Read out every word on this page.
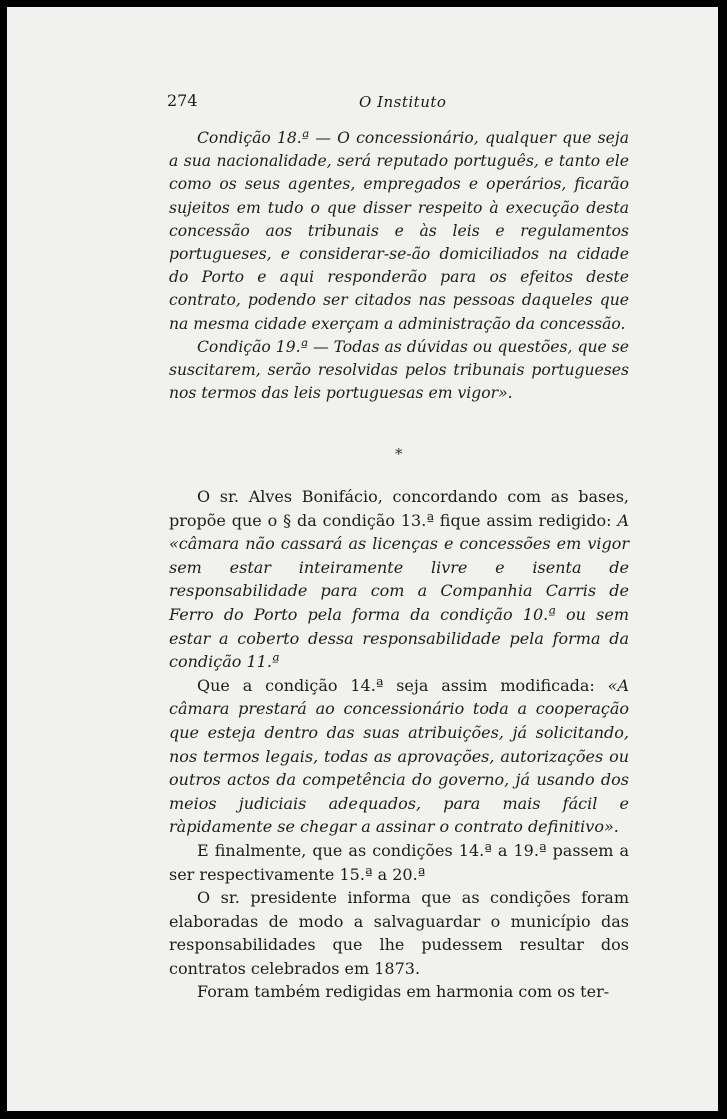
274	O Instituto

Condição 18.ª — O concessionário, qualquer que seja a sua nacionalidade, será reputado português, e tanto ele como os seus agentes, empregados e operários, ficarão sujeitos em tudo o que disser respeito à execução desta concessão aos tribunais e às leis e regulamentos portugueses, e considerar-se-ão domiciliados na cidade do Porto e aqui responderão para os efeitos deste contrato, podendo ser citados nas pessoas daqueles que na mesma cidade exerçam a administração da concessão.

Condição 19.ª — Todas as dúvidas ou questões, que se suscitarem, serão resolvidas pelos tribunais portugueses nos termos das leis portuguesas em vigor».

*

O sr. Alves Bonifácio, concordando com as bases, propõe que o § da condição 13.ª fique assim redigido: A «câmara não cassará as licenças e concessões em vigor sem estar inteiramente livre e isenta de responsabilidade para com a Companhia Carris de Ferro do Porto pela forma da condição 10.ª ou sem estar a coberto dessa responsabilidade pela forma da condição 11.ª

Que a condição 14.ª seja assim modificada: «A câmara prestará ao concessionário toda a cooperação que esteja dentro das suas atribuições, já solicitando, nos termos legais, todas as aprovações, autorizações ou outros actos da competência do governo, já usando dos meios judiciais adequados, para mais fácil e ràpidamente se chegar a assinar o contrato definitivo».

E finalmente, que as condições 14.ª a 19.ª passem a ser respectivamente 15.ª a 20.ª

O sr. presidente informa que as condições foram elaboradas de modo a salvaguardar o município das responsabilidades que lhe pudessem resultar dos contratos celebrados em 1873.

Foram também redigidas em harmonia com os ter-
